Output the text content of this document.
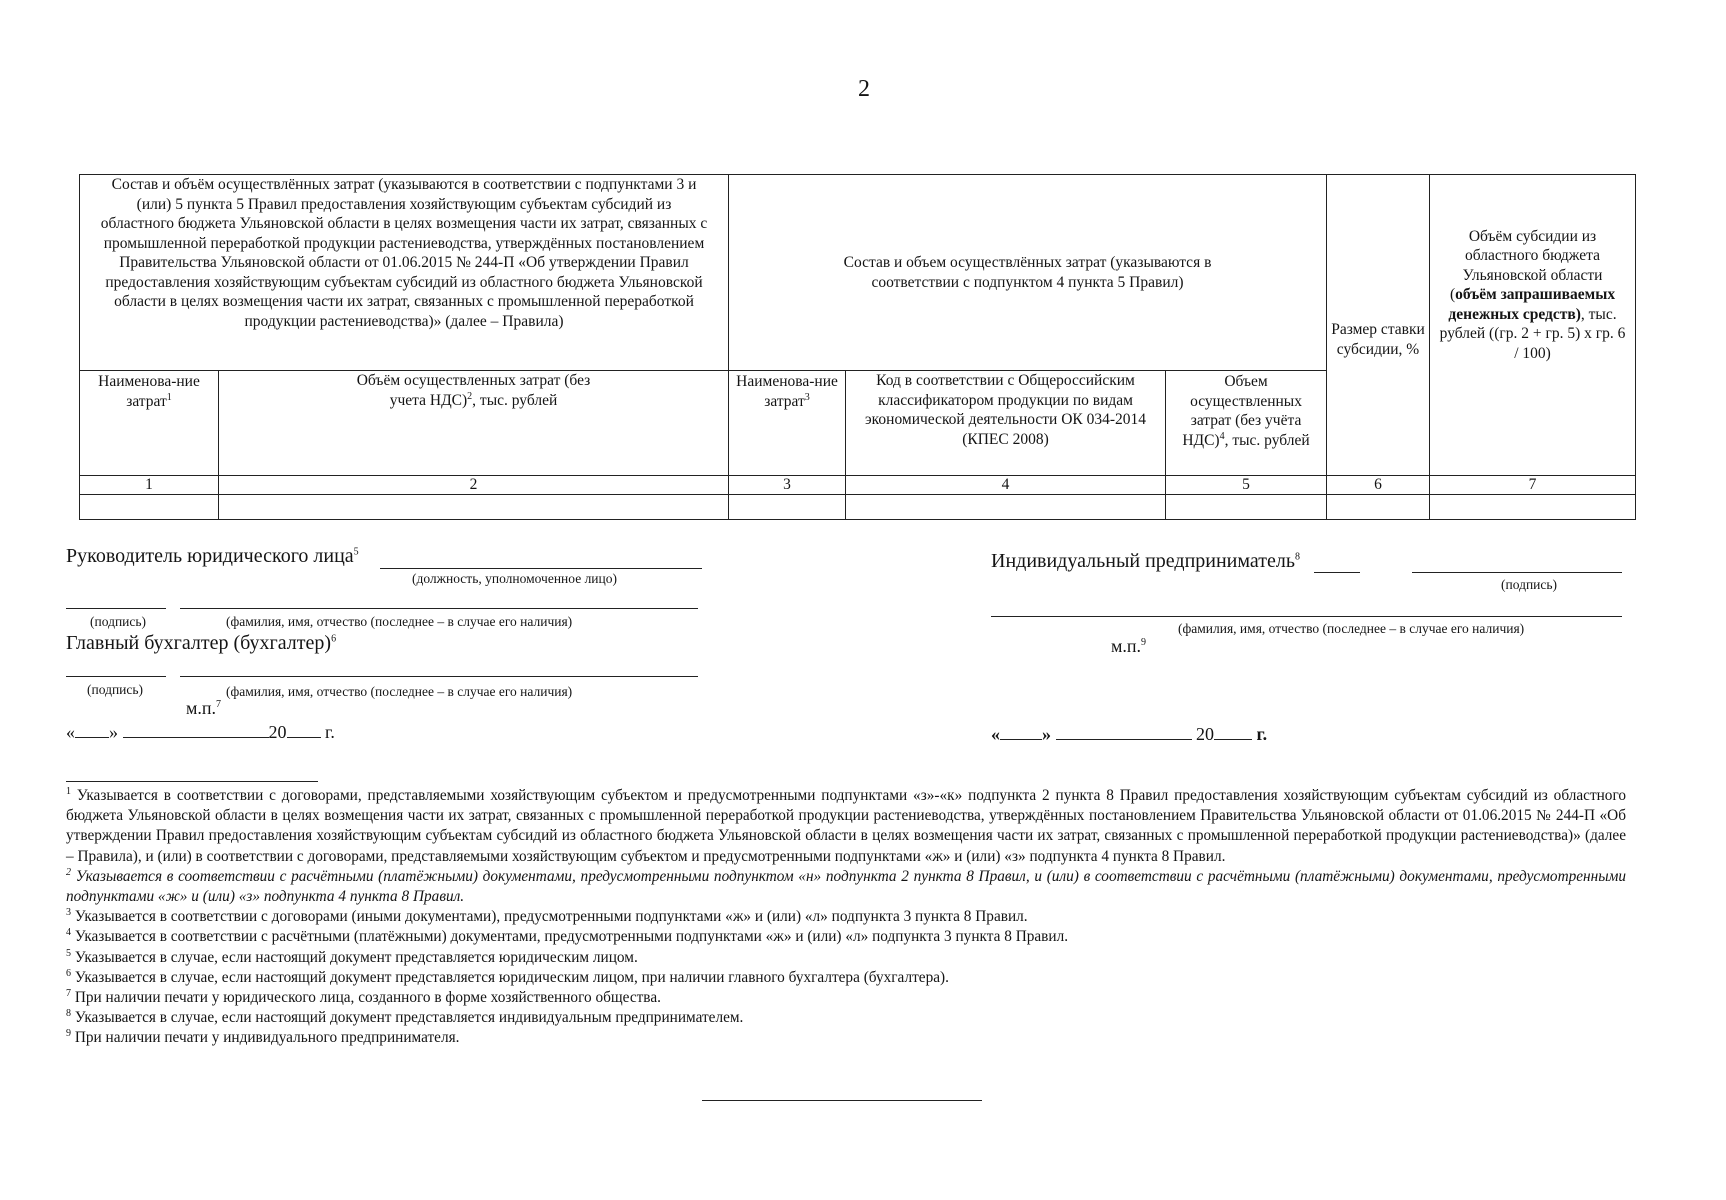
2
Состав и объём осуществлённых затрат (указываются в соответствии с подпунктами 3 и (или) 5 пункта 5 Правил предоставления хозяйствующим субъектам субсидий из областного бюджета Ульяновской области в целях возмещения части их затрат, связанных с промышленной переработкой продукции растениеводства, утверждённых постановлением Правительства Ульяновской области от 01.06.2015 № 244-П «Об утверждении Правил предоставления хозяйствующим субъектам субсидий из областного бюджета Ульяновской области в целях возмещения части их затрат, связанных с промышленной переработкой продукции растениеводства)» (далее – Правила)		Состав и объем осуществлённых затрат (указываются в соответствии с подпунктом 4 пункта 5 Правил)			Размер ставки субсидии, %	Объём субсидии из областного бюджета Ульяновской области (объём запрашиваемых денежных средств), тыс. рублей ((гр. 2 + гр. 5) x гр. 6 / 100)
Наименова-ние затрат$^1$	Объём осуществленных затрат (без учета НДС)$^2$, тыс. рублей	Наименова-ние затрат$^3$	Код в соответствии с Общероссийским классификатором продукции по видам экономической деятельности ОК 034-2014 (КПЕС 2008)	Объем осуществленных затрат (без учёта НДС)$^4$, тыс. рублей		
1	2	3	4	5	6	7

Руководитель юридического лица$^5$
(должность, уполномоченное лицо)
(подпись)	(фамилия, имя, отчество (последнее – в случае его наличия)
Главный бухгалтер (бухгалтер)$^6$
(подпись)	(фамилия, имя, отчество (последнее – в случае его наличия)
м.п.$^7$
« »	20 г.
Индивидуальный предприниматель$^8$
(подпись)
(фамилия, имя, отчество (последнее – в случае его наличия)
м.п.$^9$
« »	20 г.

$^1$ Указывается в соответствии с договорами, представляемыми хозяйствующим субъектом и предусмотренными подпунктами «з»-«к» подпункта 2 пункта 8 Правил предоставления хозяйствующим субъектам субсидий из областного бюджета Ульяновской области в целях возмещения части их затрат, связанных с промышленной переработкой продукции растениеводства, утверждённых постановлением Правительства Ульяновской области от 01.06.2015 № 244-П «Об утверждении Правил предоставления хозяйствующим субъектам субсидий из областного бюджета Ульяновской области в целях возмещения части их затрат, связанных с промышленной переработкой продукции растениеводства)» (далее – Правила), и (или) в соответствии с договорами, представляемыми хозяйствующим субъектом и предусмотренными подпунктами «ж» и (или) «з» подпункта 4 пункта 8 Правил.

$^2$ Указывается в соответствии с расчётными (платёжными) документами, предусмотренными подпунктом «н» подпункта 2 пункта 8 Правил, и (или) в соответствии с расчётными (платёжными) документами, предусмотренными подпунктами «ж» и (или) «з» подпункта 4 пункта 8 Правил.

$^3$ Указывается в соответствии с договорами (иными документами), предусмотренными подпунктами «ж» и (или) «л» подпункта 3 пункта 8 Правил.

$^4$ Указывается в соответствии с расчётными (платёжными) документами, предусмотренными подпунктами «ж» и (или) «л» подпункта 3 пункта 8 Правил.

$^5$ Указывается в случае, если настоящий документ представляется юридическим лицом.

$^6$ Указывается в случае, если настоящий документ представляется юридическим лицом, при наличии главного бухгалтера (бухгалтера).

$^7$ При наличии печати у юридического лица, созданного в форме хозяйственного общества.

$^8$ Указывается в случае, если настоящий документ представляется индивидуальным предпринимателем.

$^9$ При наличии печати у индивидуального предпринимателя.
